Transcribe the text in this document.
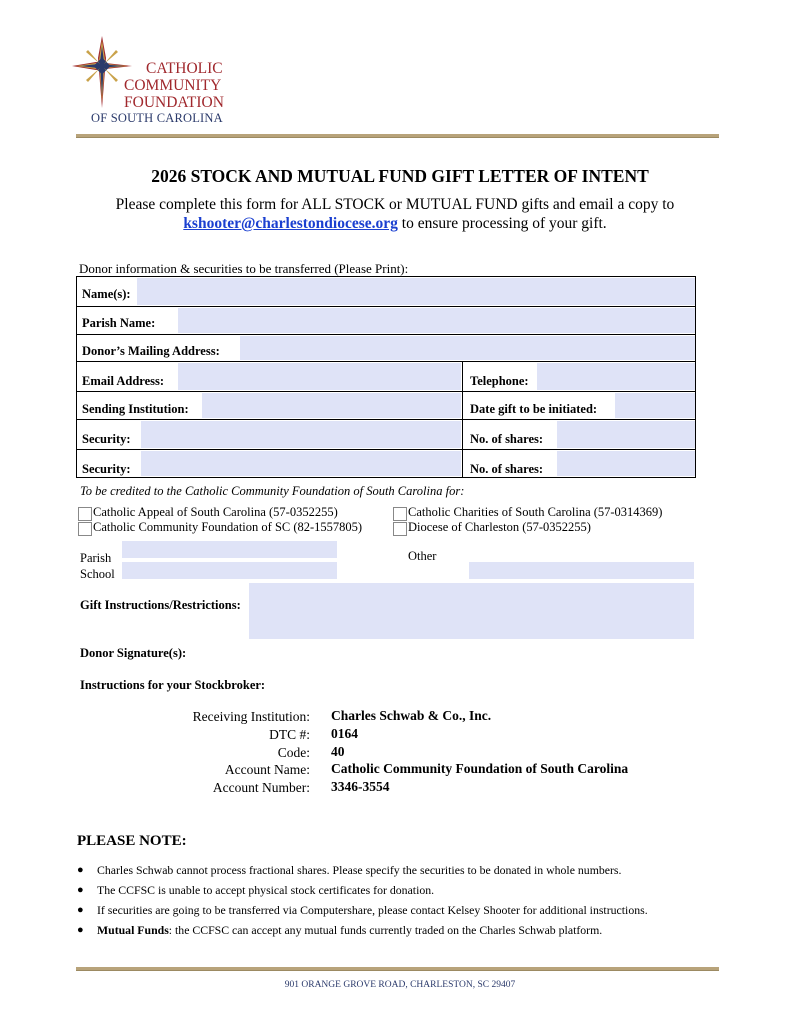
CATHOLIC
COMMUNITY
FOUNDATION
OF SOUTH CAROLINA
2026 STOCK AND MUTUAL FUND GIFT LETTER OF INTENT
Please complete this form for ALL STOCK or MUTUAL FUND gifts and email a copy to
kshooter@charlestondiocese.org to ensure processing of your gift.
Donor information & securities to be transferred (Please Print):
Name(s):
Parish Name:
Donor’s Mailing Address:
Email Address:	Telephone:
Sending Institution:	Date gift to be initiated:
Security:	No. of shares:
Security:	No. of shares:
To be credited to the Catholic Community Foundation of South Carolina for:
Catholic Appeal of South Carolina (57-0352255)
Catholic Community Foundation of SC (82-1557805)
Catholic Charities of South Carolina (57-0314369)
Diocese of Charleston (57-0352255)
Parish
School
Other
Gift Instructions/Restrictions:
Donor Signature(s):
Instructions for your Stockbroker:
Receiving Institution: Charles Schwab & Co., Inc.
DTC #: 0164
Code: 40
Account Name: Catholic Community Foundation of South Carolina
Account Number: 3346-3554
PLEASE NOTE:
● Charles Schwab cannot process fractional shares. Please specify the securities to be donated in whole numbers.
● The CCFSC is unable to accept physical stock certificates for donation.
● If securities are going to be transferred via Computershare, please contact Kelsey Shooter for additional instructions.
● Mutual Funds: the CCFSC can accept any mutual funds currently traded on the Charles Schwab platform.
901 ORANGE GROVE ROAD, CHARLESTON, SC 29407
